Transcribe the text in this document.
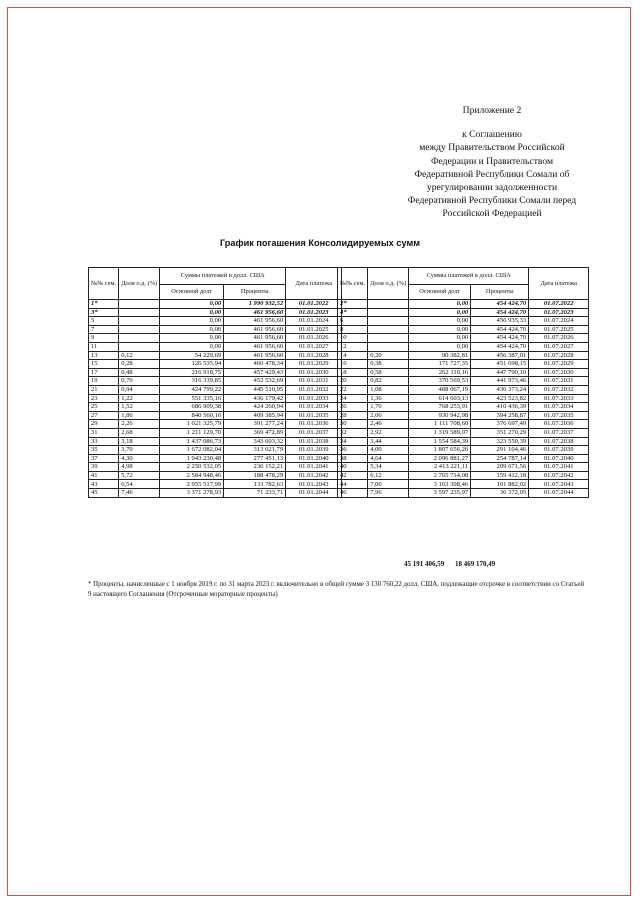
Приложение 2
к Соглашению
между Правительством Российской
Федерации и Правительством
Федеративной Республики Сомали об
урегулировании задолженности
Федеративной Республики Сомали перед
Российской Федерацией
График погашения Консолидируемых сумм
№№ сем.	Доля о.д. (%)	Суммы платежей в долл. США		Дата платежа
		Основной долг	Проценты	
1*		0,00	1 990 932,52	01.01.2022
3*		0,00	461 956,60	01.01.2023
5		0,00	461 956,60	01.01.2024
7		0,00	461 956,60	01.01.2025
9		0,00	461 956,60	01.01.2026
11		0,00	461 956,60	01.01.2027
13	0,12	54 229,69	461 956,60	01.01.2028
15	0,28	126 535,94	460 478,34	01.01.2029
17	0,48	216 918,75	457 429,43	01.01.2030
19	0,70	316 339,85	452 532,69	01.01.2031
21	0,94	424 799,22	445 510,95	01.01.2032
23	1,22	551 335,16	436 179,42	01.01.2033
25	1,52	686 909,38	424 260,94	01.01.2034
27	1,86	840 560,16	409 385,94	01.01.2035
29	2,26	1 021 325,79	391 277,24	01.01.2036
31	2,68	1 211 129,70	369 472,89	01.01.2037
33	3,18	1 437 086,73	343 603,32	01.01.2038
35	3,70	1 672 082,04	313 021,79	01.01.2039
37	4,30	1 943 230,48	277 451,13	01.01.2040
39	4,98	2 250 532,05	236 152,21	01.01.2041
41	5,72	2 584 948,46	188 478,29	01.01.2042
43	6,54	2 955 517,99	133 782,63	01.01.2043
45	7,46	3 371 278,93	71 233,71	01.01.2044
№№ сем.	Доля о.д. (%)	Суммы платежей в долл. США		Дата платежа
		Основной долг	Проценты	
2*		0,00	454 424,70	01.07.2022
4*		0,00	454 424,70	01.07.2023
6		0,00	456 935,33	01.07.2024
8		0,00	454 424,70	01.07.2025
10		0,00	454 424,70	01.07.2026
12		0,00	454 424,70	01.07.2027
14	0,20	90 382,81	456 387,01	01.07.2028
16	0,38	171 727,35	451 698,15	01.07.2029
18	0,58	262 110,16	447 790,10	01.07.2030
20	0,82	370 569,53	441 973,46	01.07.2031
22	1,08	488 067,19	436 373,24	01.07.2032
24	1,36	614 603,13	423 523,82	01.07.2033
26	1,70	768 253,91	410 436,39	01.07.2034
28	2,06	930 942,98	394 258,87	01.07.2035
30	2,46	1 111 708,60	376 697,49	01.07.2036
32	2,92	1 319 589,07	351 270,29	01.07.2037
34	3,44	1 554 584,39	323 550,39	01.07.2038
36	4,00	1 807 656,26	291 104,46	01.07.2039
38	4,64	2 096 881,27	254 787,14	01.07.2040
40	5,34	2 413 221,11	209 671,56	01.07.2041
42	6,12	2 765 714,08	159 412,18	01.07.2042
44	7,00	3 163 398,46	101 882,02	01.07.2043
46	7,96	3 597 235,97	36 372,05	01.07.2044
45 191 406,59 18 469 170,49
* Проценты, начисленные с 1 ноября 2019 г. по 31 марта 2023 г. включительно в общей сумме 3 130 760,22 долл. США, подлежащие отсрочке в соответствии со Статьей 9 настоящего Соглашения (Отсроченные мораторные проценты)
